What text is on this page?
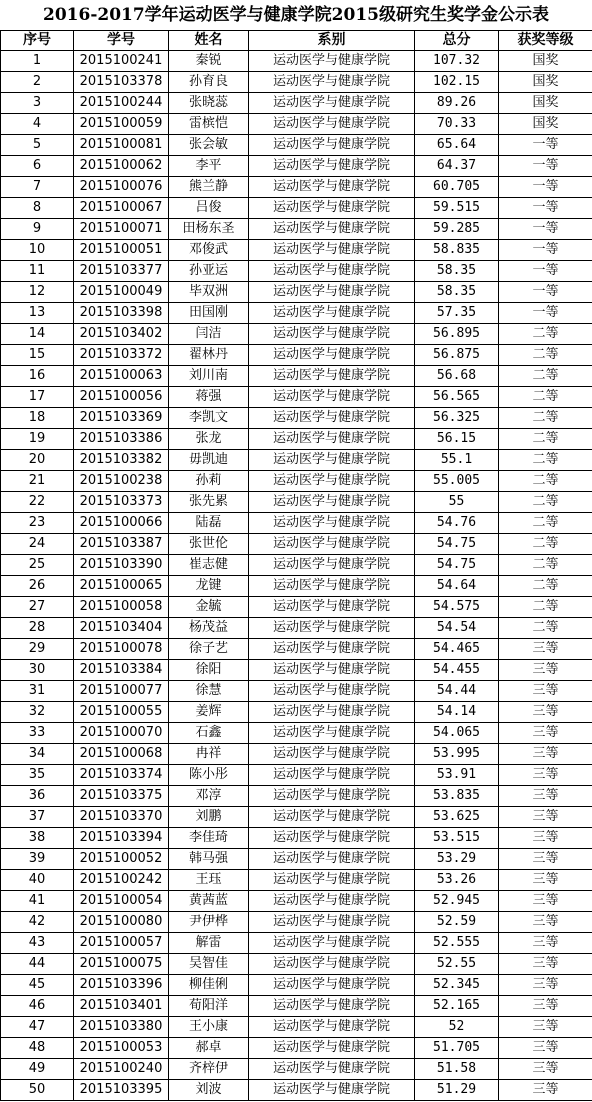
2016-2017学年运动医学与健康学院2015级研究生奖学金公示表
序号	学号	姓名	系别	总分	获奖等级
1	2015100241	秦锐	运动医学与健康学院	107.32	国奖
2	2015103378	孙育良	运动医学与健康学院	102.15	国奖
3	2015100244	张晓蕊	运动医学与健康学院	89.26	国奖
4	2015100059	雷槟恺	运动医学与健康学院	70.33	国奖
5	2015100081	张会敏	运动医学与健康学院	65.64	一等
6	2015100062	李平	运动医学与健康学院	64.37	一等
7	2015100076	熊兰静	运动医学与健康学院	60.705	一等
8	2015100067	吕俊	运动医学与健康学院	59.515	一等
9	2015100071	田杨东圣	运动医学与健康学院	59.285	一等
10	2015100051	邓俊武	运动医学与健康学院	58.835	一等
11	2015103377	孙亚运	运动医学与健康学院	58.35	一等
12	2015100049	毕双洲	运动医学与健康学院	58.35	一等
13	2015103398	田国刚	运动医学与健康学院	57.35	一等
14	2015103402	闫洁	运动医学与健康学院	56.895	二等
15	2015103372	翟林丹	运动医学与健康学院	56.875	二等
16	2015100063	刘川南	运动医学与健康学院	56.68	二等
17	2015100056	蒋强	运动医学与健康学院	56.565	二等
18	2015103369	李凯文	运动医学与健康学院	56.325	二等
19	2015103386	张龙	运动医学与健康学院	56.15	二等
20	2015103382	毋凯迪	运动医学与健康学院	55.1	二等
21	2015100238	孙莉	运动医学与健康学院	55.005	二等
22	2015103373	张先累	运动医学与健康学院	55	二等
23	2015100066	陆磊	运动医学与健康学院	54.76	二等
24	2015103387	张世伦	运动医学与健康学院	54.75	二等
25	2015103390	崔志健	运动医学与健康学院	54.75	二等
26	2015100065	龙键	运动医学与健康学院	54.64	二等
27	2015100058	金毓	运动医学与健康学院	54.575	二等
28	2015103404	杨茂益	运动医学与健康学院	54.54	二等
29	2015100078	徐子艺	运动医学与健康学院	54.465	三等
30	2015103384	徐阳	运动医学与健康学院	54.455	三等
31	2015100077	徐慧	运动医学与健康学院	54.44	三等
32	2015100055	姜辉	运动医学与健康学院	54.14	三等
33	2015100070	石鑫	运动医学与健康学院	54.065	三等
34	2015100068	冉祥	运动医学与健康学院	53.995	三等
35	2015103374	陈小彤	运动医学与健康学院	53.91	三等
36	2015103375	邓淳	运动医学与健康学院	53.835	三等
37	2015103370	刘鹏	运动医学与健康学院	53.625	三等
38	2015103394	李佳琦	运动医学与健康学院	53.515	三等
39	2015100052	韩马强	运动医学与健康学院	53.29	三等
40	2015100242	王珏	运动医学与健康学院	53.26	三等
41	2015100054	黄茜蓝	运动医学与健康学院	52.945	三等
42	2015100080	尹伊桦	运动医学与健康学院	52.59	三等
43	2015100057	解雷	运动医学与健康学院	52.555	三等
44	2015100075	吴智佳	运动医学与健康学院	52.55	三等
45	2015103396	柳佳俐	运动医学与健康学院	52.345	三等
46	2015103401	荀阳洋	运动医学与健康学院	52.165	三等
47	2015103380	王小康	运动医学与健康学院	52	三等
48	2015100053	郝卓	运动医学与健康学院	51.705	三等
49	2015100240	齐梓伊	运动医学与健康学院	51.58	三等
50	2015103395	刘波	运动医学与健康学院	51.29	三等
